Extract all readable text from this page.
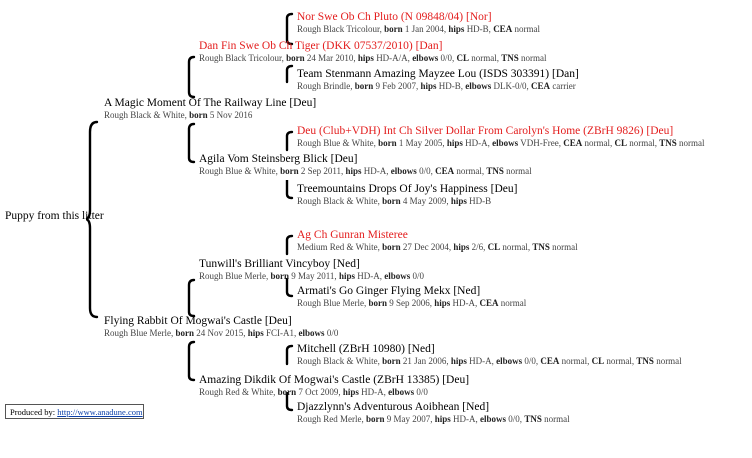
Puppy from this litter
A Magic Moment Of The Railway Line [Deu]
Rough Black & White, born 5 Nov 2016
Flying Rabbit Of Mogwai's Castle [Deu]
Rough Blue Merle, born 24 Nov 2015, hips FCI-A1, elbows 0/0
Dan Fin Swe Ob Ch Tiger (DKK 07537/2010) [Dan]
Rough Black Tricolour, born 24 Mar 2010, hips HD-A/A, elbows 0/0, CL normal, TNS normal
Agila Vom Steinsberg Blick [Deu]
Rough Blue & White, born 2 Sep 2011, hips HD-A, elbows 0/0, CEA normal, TNS normal
Tunwill's Brilliant Vincyboy [Ned]
Rough Blue Merle, born 9 May 2011, hips HD-A, elbows 0/0
Amazing Dikdik Of Mogwai's Castle (ZBrH 13385) [Deu]
Rough Red & White, born 7 Oct 2009, hips HD-A, elbows 0/0
Nor Swe Ob Ch Pluto (N 09848/04) [Nor]
Rough Black Tricolour, born 1 Jan 2004, hips HD-B, CEA normal
Team Stenmann Amazing Mayzee Lou (ISDS 303391) [Dan]
Rough Brindle, born 9 Feb 2007, hips HD-B, elbows DLK-0/0, CEA carrier
Deu (Club+VDH) Int Ch Silver Dollar From Carolyn's Home (ZBrH 9826) [Deu]
Rough Blue & White, born 1 May 2005, hips HD-A, elbows VDH-Free, CEA normal, CL normal, TNS normal
Treemountains Drops Of Joy's Happiness [Deu]
Rough Black & White, born 4 May 2009, hips HD-B
Ag Ch Gunran Misteree
Medium Red & White, born 27 Dec 2004, hips 2/6, CL normal, TNS normal
Armati's Go Ginger Flying Mekx [Ned]
Rough Blue Merle, born 9 Sep 2006, hips HD-A, CEA normal
Mitchell (ZBrH 10980) [Ned]
Rough Black & White, born 21 Jan 2006, hips HD-A, elbows 0/0, CEA normal, CL normal, TNS normal
Djazzlynn's Adventurous Aoibhean [Ned]
Rough Red Merle, born 9 May 2007, hips HD-A, elbows 0/0, TNS normal
Produced by: http://www.anadune.com
